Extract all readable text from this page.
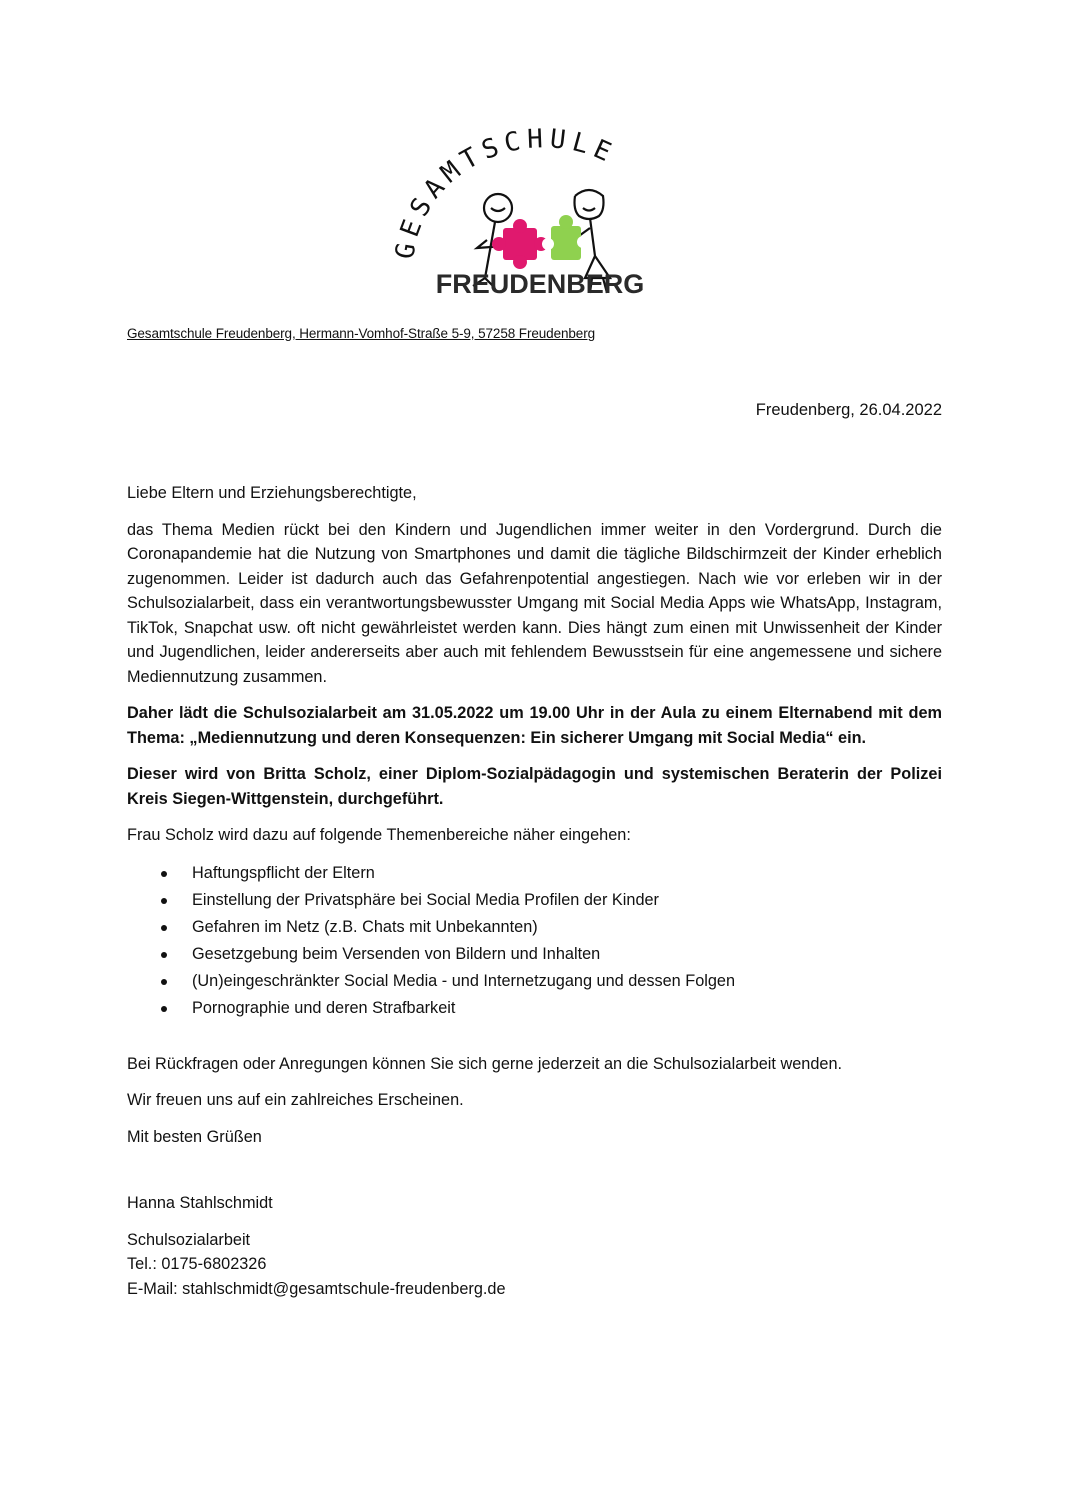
GESAMTSCHULE
FREUDENBERG
Gesamtschule Freudenberg, Hermann-Vomhof-Straße 5-9, 57258 Freudenberg
Freudenberg, 26.04.2022

Liebe Eltern und Erziehungsberechtigte,

das Thema Medien rückt bei den Kindern und Jugendlichen immer weiter in den Vordergrund. Durch die Coronapandemie hat die Nutzung von Smartphones und damit die tägliche Bildschirmzeit der Kinder erheblich zugenommen. Leider ist dadurch auch das Gefahrenpotential angestiegen. Nach wie vor erleben wir in der Schulsozialarbeit, dass ein verantwortungsbewusster Umgang mit Social Media Apps wie WhatsApp, Instagram, TikTok, Snapchat usw. oft nicht gewährleistet werden kann. Dies hängt zum einen mit Unwissenheit der Kinder und Jugendlichen, leider andererseits aber auch mit fehlendem Bewusstsein für eine angemessene und sichere Mediennutzung zusammen.

Daher lädt die Schulsozialarbeit am 31.05.2022 um 19.00 Uhr in der Aula zu einem Elternabend mit dem Thema: „Mediennutzung und deren Konsequenzen: Ein sicherer Umgang mit Social Media“ ein.

Dieser wird von Britta Scholz, einer Diplom-Sozialpädagogin und systemischen Beraterin der Polizei Kreis Siegen-Wittgenstein, durchgeführt.

Frau Scholz wird dazu auf folgende Themenbereiche näher eingehen:

Haftungspflicht der Eltern
Einstellung der Privatsphäre bei Social Media Profilen der Kinder
Gefahren im Netz (z.B. Chats mit Unbekannten)
Gesetzgebung beim Versenden von Bildern und Inhalten
(Un)eingeschränkter Social Media - und Internetzugang und dessen Folgen
Pornographie und deren Strafbarkeit

Bei Rückfragen oder Anregungen können Sie sich gerne jederzeit an die Schulsozialarbeit wenden.

Wir freuen uns auf ein zahlreiches Erscheinen.

Mit besten Grüßen

Hanna Stahlschmidt

Schulsozialarbeit

Tel.: 0175-6802326

E-Mail: stahlschmidt@gesamtschule-freudenberg.de
